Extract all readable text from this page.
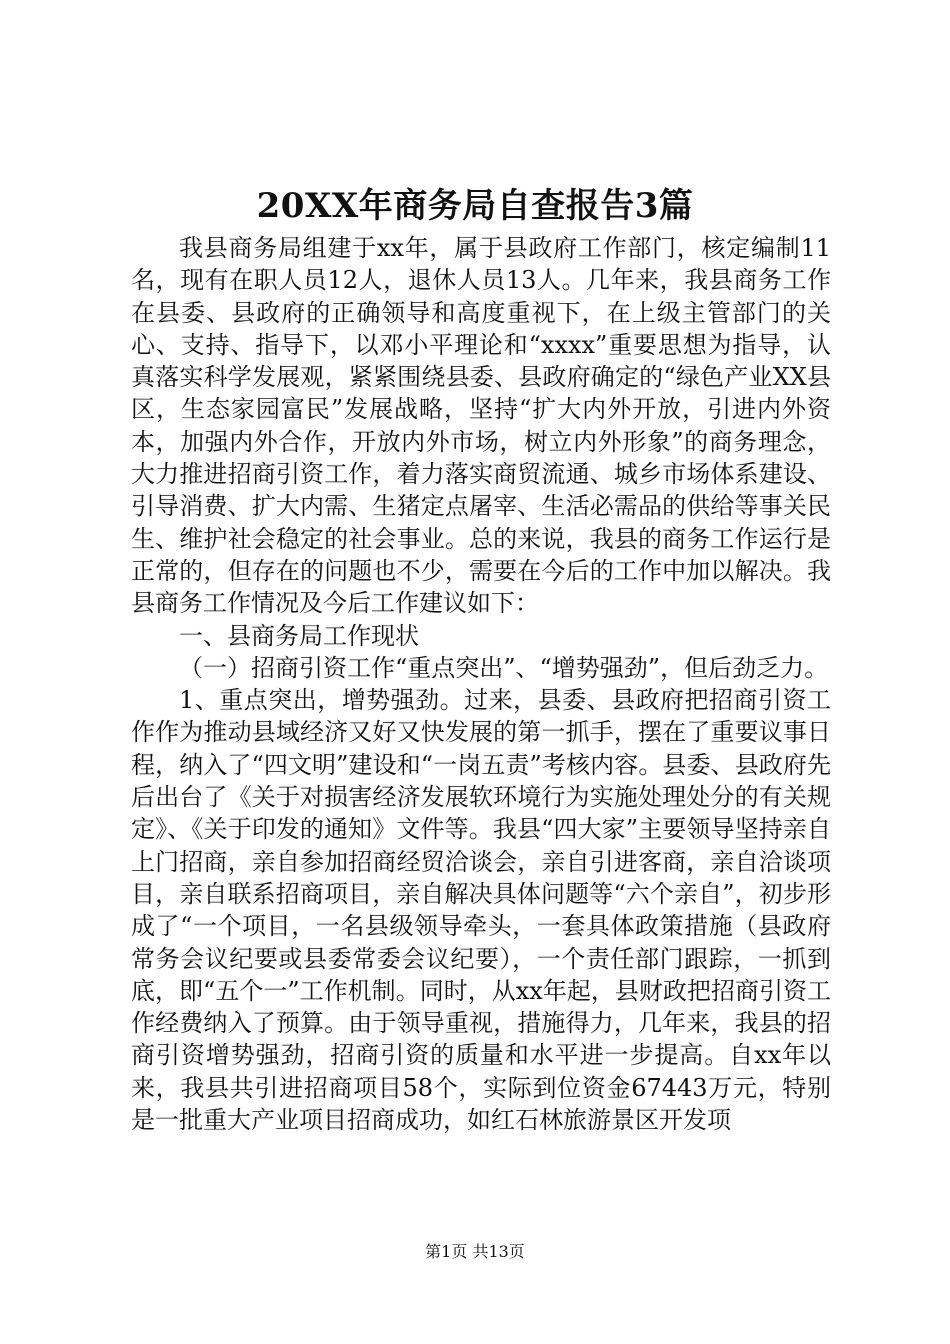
20XX年商务局自查报告3篇

我县商务局组建于xx年，属于县政府工作部门，核定编制11名，现有在职人员12人，退休人员13人。几年来，我县商务工作在县委、县政府的正确领导和高度重视下，在上级主管部门的关心、支持、指导下，以邓小平理论和“xxxx”重要思想为指导，认真落实科学发展观，紧紧围绕县委、县政府确定的“绿色产业XX县区，生态家园富民”发展战略，坚持“扩大内外开放，引进内外资本，加强内外合作，开放内外市场，树立内外形象”的商务理念，大力推进招商引资工作，着力落实商贸流通、城乡市场体系建设、引导消费、扩大内需、生猪定点屠宰、生活必需品的供给等事关民生、维护社会稳定的社会事业。总的来说，我县的商务工作运行是正常的，但存在的问题也不少，需要在今后的工作中加以解决。我县商务工作情况及今后工作建议如下：

一、县商务局工作现状

（一）招商引资工作“重点突出”、“增势强劲”，但后劲乏力。

1、重点突出，增势强劲。过来，县委、县政府把招商引资工作作为推动县域经济又好又快发展的第一抓手，摆在了重要议事日程，纳入了“四文明”建设和“一岗五责”考核内容。县委、县政府先后出台了《关于对损害经济发展软环境行为实施处理处分的有关规定》、《关于印发的通知》文件等。我县“四大家”主要领导坚持亲自上门招商，亲自参加招商经贸洽谈会，亲自引进客商，亲自洽谈项目，亲自联系招商项目，亲自解决具体问题等“六个亲自”，初步形成了“一个项目，一名县级领导牵头，一套具体政策措施（县政府常务会议纪要或县委常委会议纪要），一个责任部门跟踪，一抓到底，即“五个一”工作机制。同时，从xx年起，县财政把招商引资工作经费纳入了预算。由于领导重视，措施得力，几年来，我县的招商引资增势强劲，招商引资的质量和水平进一步提高。自xx年以来，我县共引进招商项目58个，实际到位资金67443万元，特别是一批重大产业项目招商成功，如红石林旅游景区开发项

第1页 共13页
